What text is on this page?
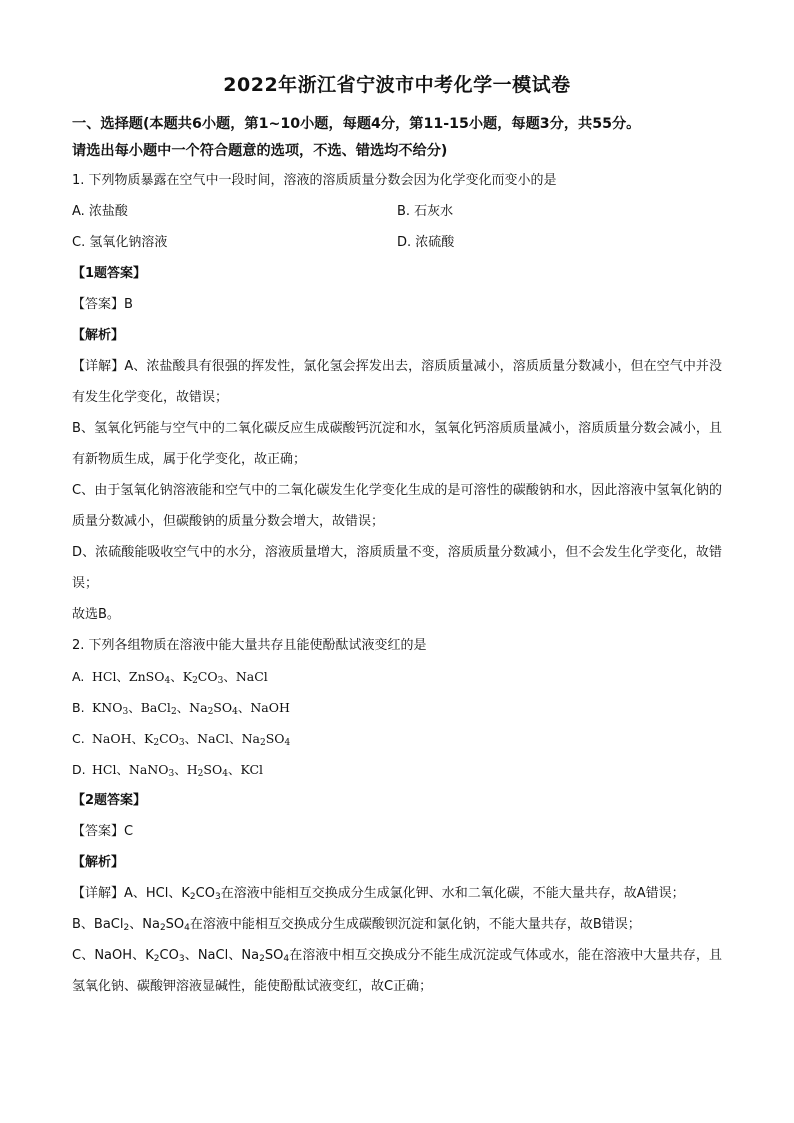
2022年浙江省宁波市中考化学一模试卷
一、选择题(本题共6小题，第1~10小题，每题4分，第11-15小题，每题3分，共55分。
请选出每小题中一个符合题意的选项，不选、错选均不给分)
1. 下列物质暴露在空气中一段时间，溶液的溶质质量分数会因为化学变化而变小的是
A. 浓盐酸	B. 石灰水
C. 氢氧化钠溶液	D. 浓硫酸
【1题答案】
【答案】B
【解析】
【详解】A、浓盐酸具有很强的挥发性，氯化氢会挥发出去，溶质质量减小，溶质质量分数减小，但在空气中并没有发生化学变化，故错误；
B、氢氧化钙能与空气中的二氧化碳反应生成碳酸钙沉淀和水，氢氧化钙溶质质量减小，溶质质量分数会减小，且有新物质生成，属于化学变化，故正确；
C、由于氢氧化钠溶液能和空气中的二氧化碳发生化学变化生成的是可溶性的碳酸钠和水，因此溶液中氢氧化钠的质量分数减小，但碳酸钠的质量分数会增大，故错误；
D、浓硫酸能吸收空气中的水分，溶液质量增大，溶质质量不变，溶质质量分数减小，但不会发生化学变化，故错误；
故选B。
2. 下列各组物质在溶液中能大量共存且能使酚酞试液变红的是
A. HCl、ZnSO$_4$、$K_2CO_3$、NaCl
B. $KNO_3$、BaCl$_2$、$Na_2SO_4$、NaOH
C. NaOH、$K_2CO_3$、NaCl、$Na_2SO_4$
D. HCl、NaNO$_3$、$H_2SO_4$、KCl
【2题答案】
【答案】C
【解析】
【详解】A、HCl、$K_2CO_3$在溶液中能相互交换成分生成氯化钾、水和二氧化碳，不能大量共存，故A错误；
B、BaCl$_2$、$Na_2SO_4$在溶液中能相互交换成分生成碳酸钡沉淀和氯化钠，不能大量共存，故B错误；
C、NaOH、$K_2CO_3$、NaCl、$Na_2SO_4$在溶液中相互交换成分不能生成沉淀或气体或水，能在溶液中大量共存，且氢氧化钠、碳酸钾溶液显碱性，能使酚酞试液变红，故C正确；
